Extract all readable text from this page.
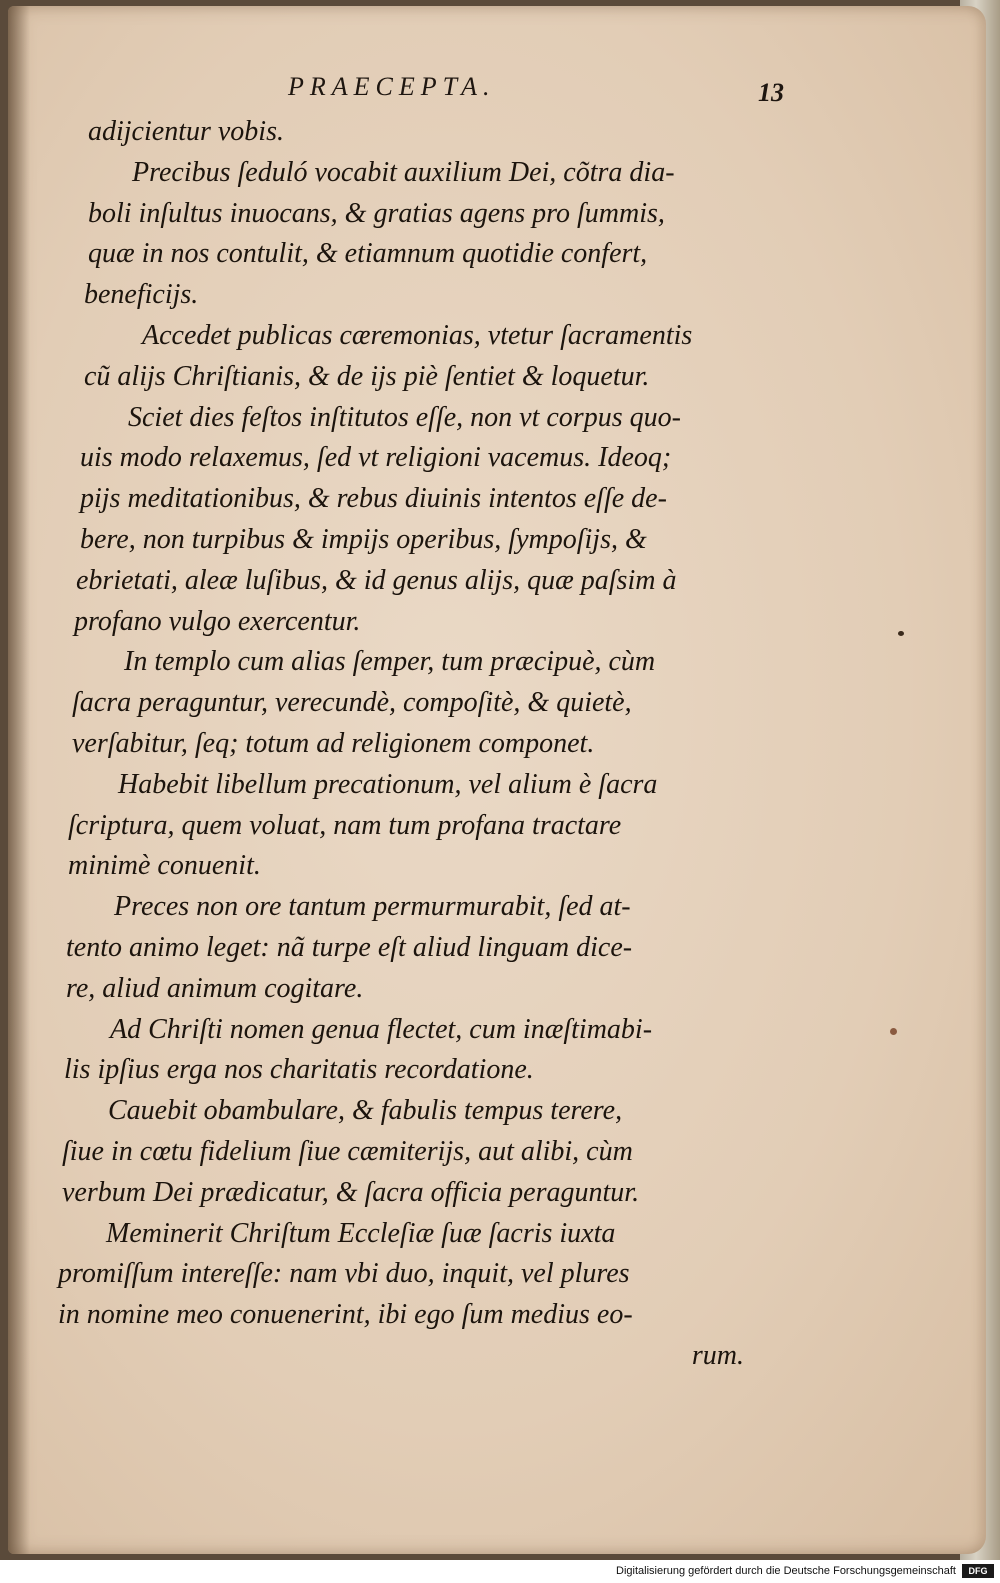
PRAECEPTA.	13
adijcientur vobis.
Precibus ſeduló vocabit auxilium Dei, cõtra dia-
boli inſultus inuocans, & gratias agens pro ſummis,
quæ in nos contulit, & etiamnum quotidie confert,
beneficijs.
Accedet publicas cæremonias, vtetur ſacramentis
cũ alijs Chriſtianis, & de ijs piè ſentiet & loquetur.
Sciet dies feſtos inſtitutos eſſe, non vt corpus quo-
uis modo relaxemus, ſed vt religioni vacemus. Ideoq;
pijs meditationibus, & rebus diuinis intentos eſſe de-
bere, non turpibus & impijs operibus, ſympoſijs, &
ebrietati, aleæ luſibus, & id genus alijs, quæ paſsim à
profano vulgo exercentur.
In templo cum alias ſemper, tum præcipuè, cùm
ſacra peraguntur, verecundè, compoſitè, & quietè,
verſabitur, ſeq; totum ad religionem componet.
Habebit libellum precationum, vel alium è ſacra
ſcriptura, quem voluat, nam tum profana tractare
minimè conuenit.
Preces non ore tantum permurmurabit, ſed at-
tento animo leget: nã turpe eſt aliud linguam dice-
re, aliud animum cogitare.
Ad Chriſti nomen genua flectet, cum inæſtimabi-
lis ipſius erga nos charitatis recordatione.
Cauebit obambulare, & fabulis tempus terere,
ſiue in cœtu fidelium ſiue cæmiterijs, aut alibi, cùm
verbum Dei prædicatur, & ſacra officia peraguntur.
Meminerit Chriſtum Eccleſiæ ſuæ ſacris iuxta
promiſſum intereſſe: nam vbi duo, inquit, vel plures
in nomine meo conuenerint, ibi ego ſum medius eo-
rum.
Digitalisierung gefördert durch die Deutsche Forschungsgemeinschaft	DFG
